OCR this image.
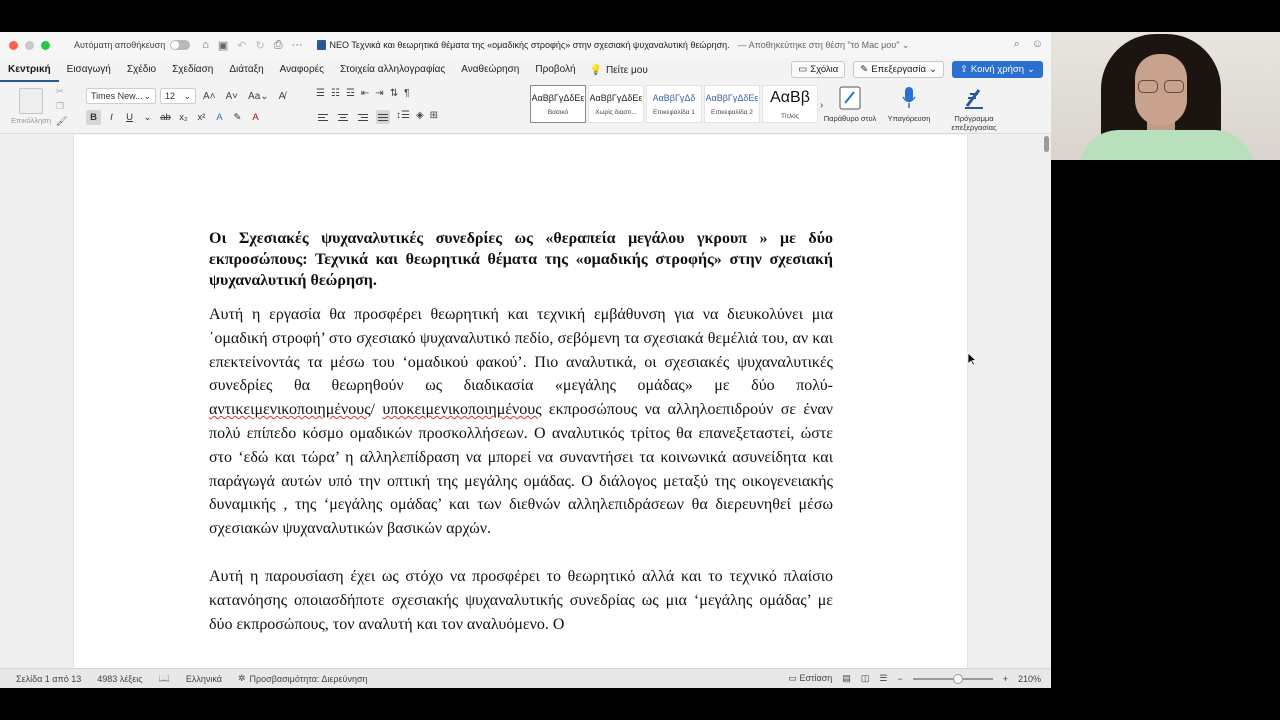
Αυτόματη αποθήκευση	⌂ ▣ ↶ ↻ ⎙ ···	ΝΕΟ Τεχνικά και θεωρητικά θέματα της «ομαδικής στροφής» στην σχεσιακή ψυχαναλυτική θεώρηση. — Αποθηκεύτηκε στη θέση "το Mac μου" ⌄	⌕ ☺
Κεντρική	Εισαγωγή	Σχέδιο	Σχεδίαση	Διάταξη	Αναφορές	Στοιχεία αλληλογραφίας	Αναθεώρηση	Προβολή	💡 Πείτε μου	▭ Σχόλια ✎ Επεξεργασία ⌄ ⇪ Κοινή χρήση ⌄
Επικόλληση
✂
❐
🖌
Times New... ⌄ 12 ⌄	A˄	A˅	Aa⌄	A̸
B	I	U	⌄ ab x₂	x²	A	✎	A
☰ ☷ ☲ ⇤ ⇥ ⇅ ¶
↕☰ ◈ ⊞
ΑαΒβΓγΔδΕε
Βασικό
ΑαΒβΓγΔδΕε
Χωρίς διαστι...
ΑαΒβΓγΔδ
Επικεφαλίδα 1
ΑαΒβΓγΔδΕε
Επικεφαλίδα 2
ΑαΒβ
Τίτλος
›
Παράθυρο στυλ	Υπαγόρευση	Πρόγραμμα επεξεργασίας

Οι Σχεσιακές ψυχαναλυτικές συνεδρίες ως «θεραπεία μεγάλου γκρουπ » με δύο εκπροσώπους: Τεχνικά και θεωρητικά θέματα της «ομαδικής στροφής» στην σχεσιακή ψυχαναλυτική θεώρηση.

Αυτή η εργασία θα προσφέρει θεωρητική και τεχνική εμβάθυνση για να διευκολύνει μια ΄ομαδική στροφή’ στο σχεσιακό ψυχαναλυτικό πεδίο, σεβόμενη τα σχεσιακά θεμέλιά του, αν και επεκτείνοντάς τα μέσω του ‘ομαδικού φακού’. Πιο αναλυτικά, οι σχεσιακές ψυχαναλυτικές συνεδρίες θα θεωρηθούν ως διαδικασία «μεγάλης ομάδας» με δύο πολύ-αντικειμενικοποιημένους/ υποκειμενικοποιημένους εκπροσώπους να αλληλοεπιδρούν σε έναν πολύ επίπεδο κόσμο ομαδικών προσκολλήσεων. Ο αναλυτικός τρίτος θα επανεξεταστεί, ώστε στο ‘εδώ και τώρα’ η αλληλεπίδραση να μπορεί να συναντήσει τα κοινωνικά ασυνείδητα και παράγωγά αυτών υπό την οπτική της μεγάλης ομάδας. Ο διάλογος μεταξύ της οικογενειακής δυναμικής , της ‘μεγάλης ομάδας’ και των διεθνών αλληλεπιδράσεων θα διερευνηθεί μέσω σχεσιακών ψυχαναλυτικών βασικών αρχών.

Αυτή η παρουσίαση έχει ως στόχο να προσφέρει το θεωρητικό αλλά και το τεχνικό πλαίσιο κατανόησης οποιασδήποτε σχεσιακής ψυχαναλυτικής συνεδρίας ως μια ‘μεγάλης ομάδας’ με δύο εκπροσώπους, τον αναλυτή και τον αναλυόμενο. Ο

Σελίδα 1 από 13 4983 λέξεις 📖 Ελληνικά ✲ Προσβασιμότητα: Διερεύνηση	▭ Εστίαση ▤ ◫ ☰ −	+ 210%
